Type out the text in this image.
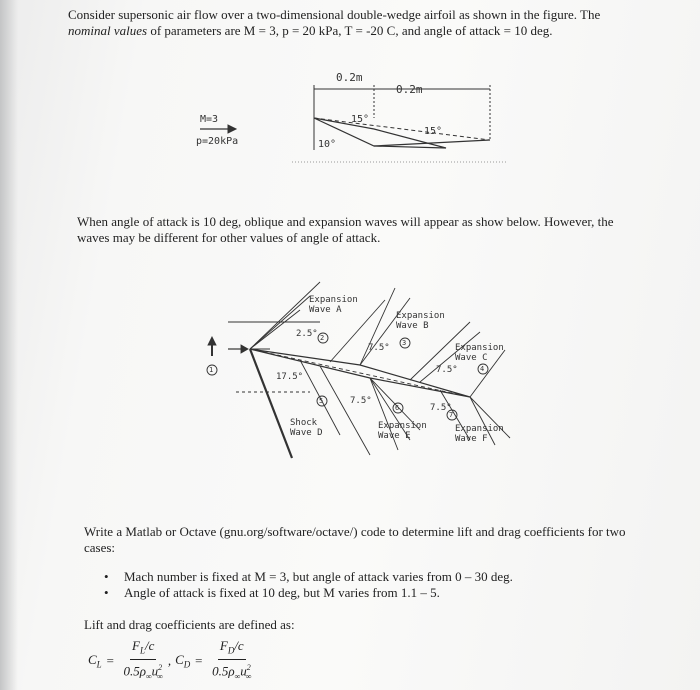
Consider supersonic air flow over a two-dimensional double-wedge airfoil as shown in the figure. The
nominal values of parameters are M = 3, p = 20 kPa, T = -20 C, and angle of attack = 10 deg.
M=3
p=20kPa
0.2m
0.2m
15°
15°
10°
When angle of attack is 10 deg, oblique and expansion waves will appear as show below. However, the waves may be different for other values of angle of attack.
Expansion
Wave A
Expansion
Wave B
Expansion
Wave C
Expansion
Wave E
Expansion
Wave F
Shock
Wave D
2.5°
7.5°
17.5°
7.5°
7.5°
7.5°
1
2
3
4
5
6
7
Write a Matlab or Octave (gnu.org/software/octave/) code to determine lift and drag coefficients for two cases:
• Mach number is fixed at M = 3, but angle of attack varies from 0 – 30 deg.
• Angle of attack is fixed at 10 deg, but M varies from 1.1 – 5.
Lift and drag coefficients are defined as:
$C_L = \frac{F_L/c}{0.5\rho_\infty u^2_\infty}$ , $C_D = \frac{F_D/c}{0.5\rho_\infty u^2_\infty}$
